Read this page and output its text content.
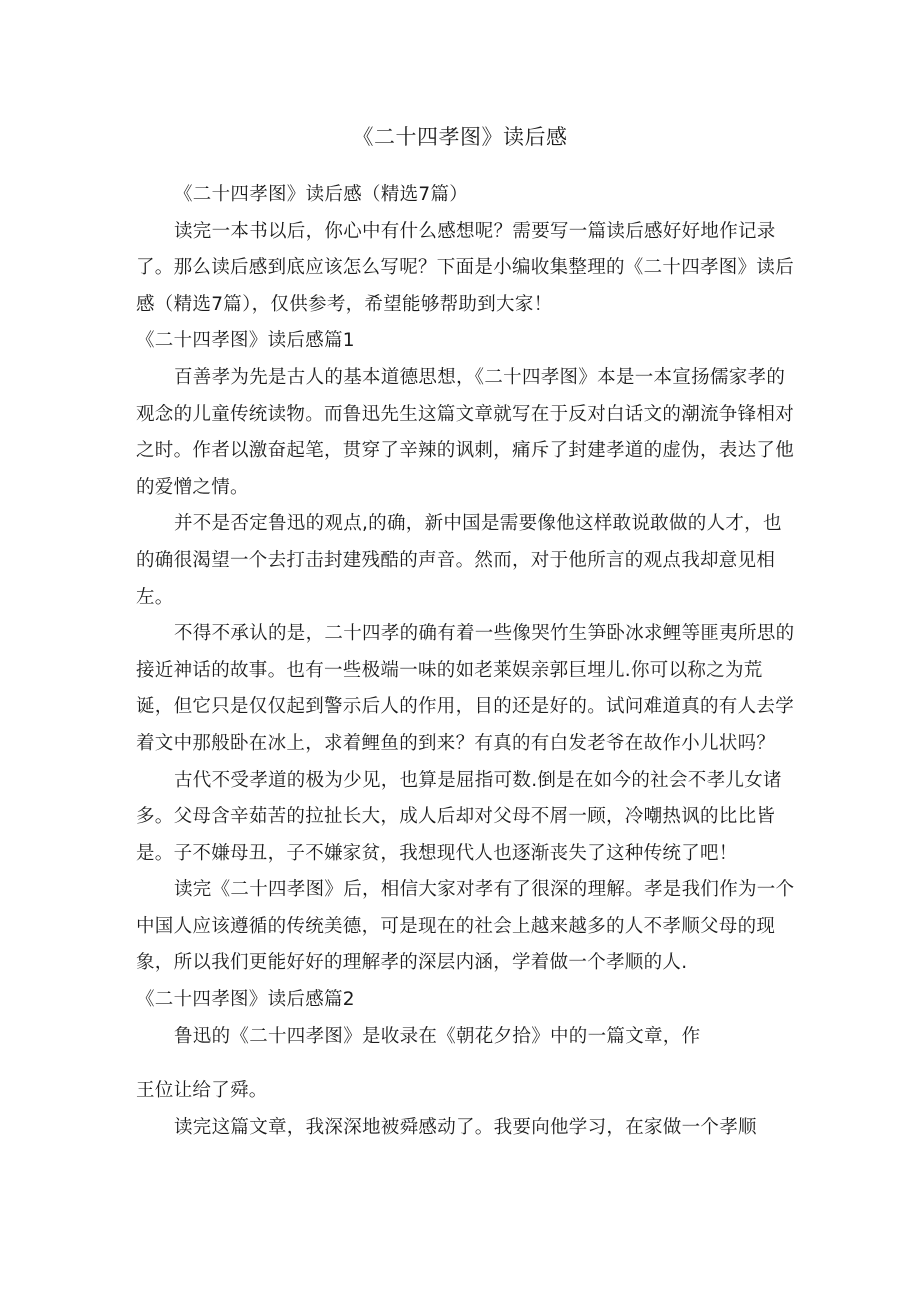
《二十四孝图》读后感

《二十四孝图》读后感（精选7篇）

读完一本书以后，你心中有什么感想呢？需要写一篇读后感好好地作记录了。那么读后感到底应该怎么写呢？下面是小编收集整理的《二十四孝图》读后感（精选7篇），仅供参考，希望能够帮助到大家！

《二十四孝图》读后感篇1

百善孝为先是古人的基本道德思想，《二十四孝图》本是一本宣扬儒家孝的观念的儿童传统读物。而鲁迅先生这篇文章就写在于反对白话文的潮流争锋相对之时。作者以激奋起笔，贯穿了辛辣的讽刺，痛斥了封建孝道的虚伪，表达了他的爱憎之情。

并不是否定鲁迅的观点,的确，新中国是需要像他这样敢说敢做的人才，也的确很渴望一个去打击封建残酷的声音。然而，对于他所言的观点我却意见相左。

不得不承认的是，二十四孝的确有着一些像哭竹生笋卧冰求鲤等匪夷所思的接近神话的故事。也有一些极端一味的如老莱娱亲郭巨埋儿.你可以称之为荒诞，但它只是仅仅起到警示后人的作用，目的还是好的。试问难道真的有人去学着文中那般卧在冰上，求着鲤鱼的到来？有真的有白发老爷在故作小儿状吗？

古代不受孝道的极为少见，也算是屈指可数.倒是在如今的社会不孝儿女诸多。父母含辛茹苦的拉扯长大，成人后却对父母不屑一顾，冷嘲热讽的比比皆是。子不嫌母丑，子不嫌家贫，我想现代人也逐渐丧失了这种传统了吧！

读完《二十四孝图》后，相信大家对孝有了很深的理解。孝是我们作为一个中国人应该遵循的传统美德，可是现在的社会上越来越多的人不孝顺父母的现象，所以我们更能好好的理解孝的深层内涵，学着做一个孝顺的人.

《二十四孝图》读后感篇2

鲁迅的《二十四孝图》是收录在《朝花夕拾》中的一篇文章，作

王位让给了舜。

读完这篇文章，我深深地被舜感动了。我要向他学习，在家做一个孝顺
